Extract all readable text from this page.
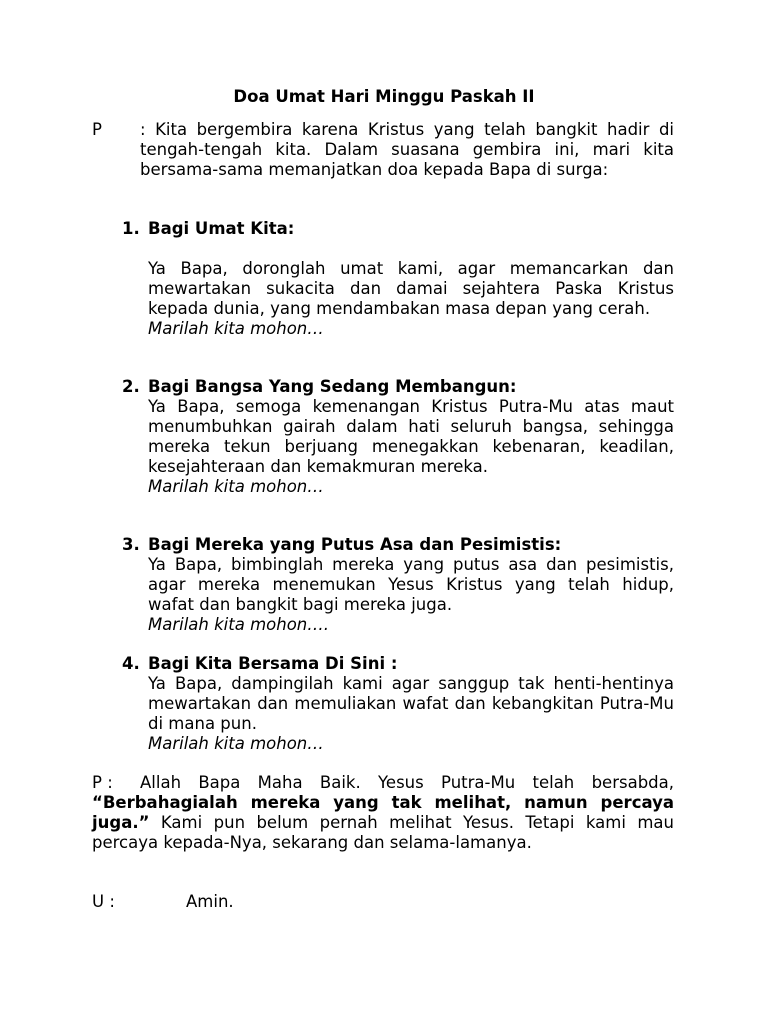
Doa Umat Hari Minggu Paskah II
P : Kita bergembira karena Kristus yang telah bangkit hadir di tengah-tengah kita. Dalam suasana gembira ini, mari kita bersama-sama memanjatkan doa kepada Bapa di surga:
1. Bagi Umat Kita:
Ya Bapa, doronglah umat kami, agar memancarkan dan mewartakan sukacita dan damai sejahtera Paska Kristus kepada dunia, yang mendambakan masa depan yang cerah.
Marilah kita mohon…
2. Bagi Bangsa Yang Sedang Membangun:
Ya Bapa, semoga kemenangan Kristus Putra-Mu atas maut menumbuhkan gairah dalam hati seluruh bangsa, sehingga mereka tekun berjuang menegakkan kebenaran, keadilan, kesejahteraan dan kemakmuran mereka.
Marilah kita mohon…
3. Bagi Mereka yang Putus Asa dan Pesimistis:
Ya Bapa, bimbinglah mereka yang putus asa dan pesimistis, agar mereka menemukan Yesus Kristus yang telah hidup, wafat dan bangkit bagi mereka juga.
Marilah kita mohon….
4. Bagi Kita Bersama Di Sini :
Ya Bapa, dampingilah kami agar sanggup tak henti-hentinya mewartakan dan memuliakan wafat dan kebangkitan Putra-Mu di mana pun.
Marilah kita mohon…
P :	Allah Bapa Maha Baik. Yesus Putra-Mu telah bersabda, “Berbahagialah mereka yang tak melihat, namun percaya juga.” Kami pun belum pernah melihat Yesus. Tetapi kami mau percaya kepada-Nya, sekarang dan selama-lamanya.
U :	Amin.
